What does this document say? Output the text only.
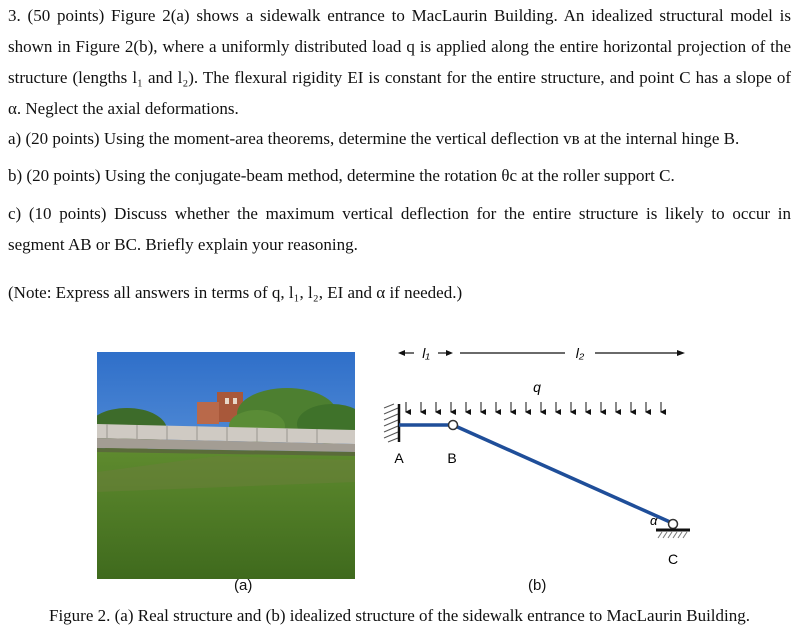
3. (50 points) Figure 2(a) shows a sidewalk entrance to MacLaurin Building. An idealized structural model is shown in Figure 2(b), where a uniformly distributed load q is applied along the entire horizontal projection of the structure (lengths l₁ and l₂). The flexural rigidity EI is constant for the entire structure, and point C has a slope of α. Neglect the axial deformations.
a) (20 points) Using the moment-area theorems, determine the vertical deflection vʙ at the internal hinge B.
b) (20 points) Using the conjugate-beam method, determine the rotation θc at the roller support C.
c) (10 points) Discuss whether the maximum vertical deflection for the entire structure is likely to occur in segment AB or BC. Briefly explain your reasoning.
(Note: Express all answers in terms of q, l₁, l₂, EI and α if needed.)
l₁	l₂
q
α
A	B
C
(a)	(b)
Figure 2. (a) Real structure and (b) idealized structure of the sidewalk entrance to MacLaurin Building.
